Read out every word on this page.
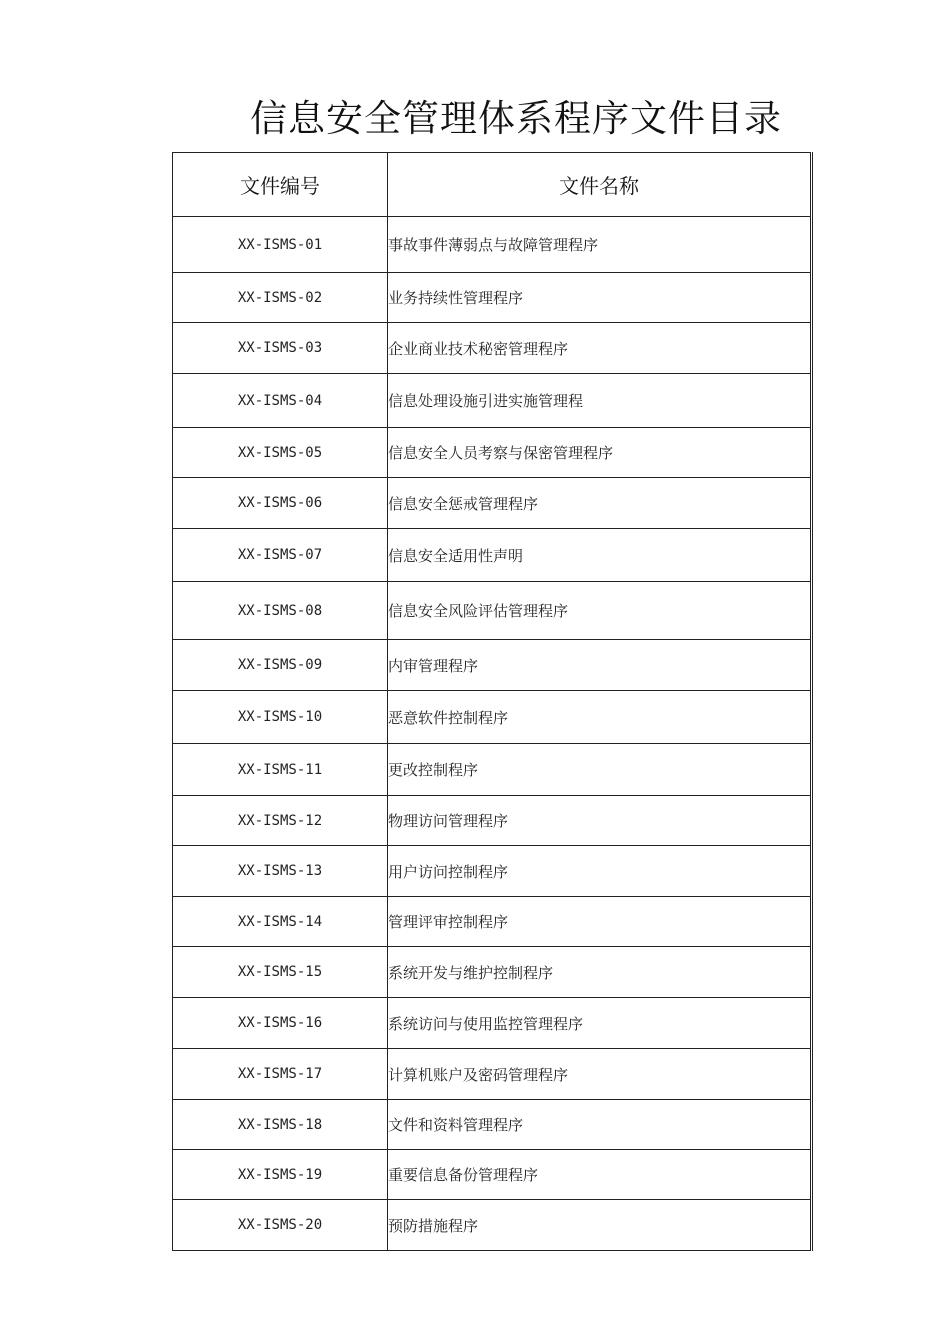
信息安全管理体系程序文件目录
文件编号	文件名称
XX-ISMS-01	事故事件薄弱点与故障管理程序
XX-ISMS-02	业务持续性管理程序
XX-ISMS-03	企业商业技术秘密管理程序
XX-ISMS-04	信息处理设施引进实施管理程
XX-ISMS-05	信息安全人员考察与保密管理程序
XX-ISMS-06	信息安全惩戒管理程序
XX-ISMS-07	信息安全适用性声明
XX-ISMS-08	信息安全风险评估管理程序
XX-ISMS-09	内审管理程序
XX-ISMS-10	恶意软件控制程序
XX-ISMS-11	更改控制程序
XX-ISMS-12	物理访问管理程序
XX-ISMS-13	用户访问控制程序
XX-ISMS-14	管理评审控制程序
XX-ISMS-15	系统开发与维护控制程序
XX-ISMS-16	系统访问与使用监控管理程序
XX-ISMS-17	计算机账户及密码管理程序
XX-ISMS-18	文件和资料管理程序
XX-ISMS-19	重要信息备份管理程序
XX-ISMS-20	预防措施程序
